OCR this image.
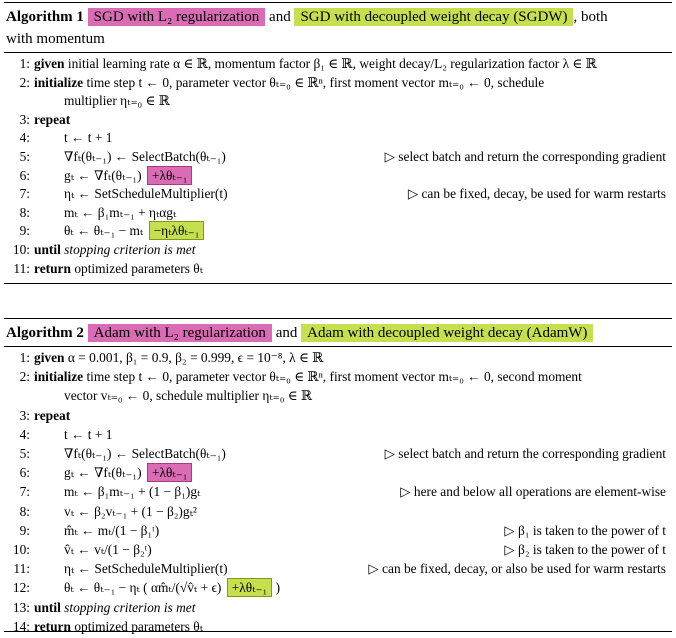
Algorithm 1 SGD with L₂ regularization and SGD with decoupled weight decay (SGDW) , both
with momentum
1: given initial learning rate α ∈ ℝ, momentum factor β₁ ∈ ℝ, weight decay/L₂ regularization factor λ ∈ ℝ
2: initialize time step t ← 0, parameter vector θₜ₌₀ ∈ ℝⁿ, first moment vector mₜ₌₀ ← 0, schedule
multiplier ηₜ₌₀ ∈ ℝ
3: repeat
4:	t ← t + 1
5:	∇fₜ(θₜ₋₁) ← SelectBatch(θₜ₋₁)	▷ select batch and return the corresponding gradient
6:	gₜ ← ∇fₜ(θₜ₋₁) +λθₜ₋₁
7:	ηₜ ← SetScheduleMultiplier(t)	▷ can be fixed, decay, be used for warm restarts
8:	mₜ ← β₁mₜ₋₁ + ηₜαgₜ
9:	θₜ ← θₜ₋₁ − mₜ −ηₜλθₜ₋₁
10: until stopping criterion is met
11: return optimized parameters θₜ
Algorithm 2 Adam with L₂ regularization and Adam with decoupled weight decay (AdamW)
1: given α = 0.001, β₁ = 0.9, β₂ = 0.999, ϵ = 10⁻⁸, λ ∈ ℝ
2: initialize time step t ← 0, parameter vector θₜ₌₀ ∈ ℝⁿ, first moment vector mₜ₌₀ ← 0, second moment
vector vₜ₌₀ ← 0, schedule multiplier ηₜ₌₀ ∈ ℝ
3: repeat
4:	t ← t + 1
5:	∇fₜ(θₜ₋₁) ← SelectBatch(θₜ₋₁)	▷ select batch and return the corresponding gradient
6:	gₜ ← ∇fₜ(θₜ₋₁) +λθₜ₋₁
7:	mₜ ← β₁mₜ₋₁ + (1 − β₁)gₜ	▷ here and below all operations are element-wise
8:	vₜ ← β₂vₜ₋₁ + (1 − β₂)gₜ²
9:	m̂ₜ ← mₜ/(1 − β₁ᵗ)	▷ β₁ is taken to the power of t
10:	v̂ₜ ← vₜ/(1 − β₂ᵗ)	▷ β₂ is taken to the power of t
11:	ηₜ ← SetScheduleMultiplier(t)	▷ can be fixed, decay, or also be used for warm restarts
12:	θₜ ← θₜ₋₁ − ηₜ ( αm̂ₜ/(√v̂ₜ + ϵ) +λθₜ₋₁ )
13: until stopping criterion is met
14: return optimized parameters θₜ
